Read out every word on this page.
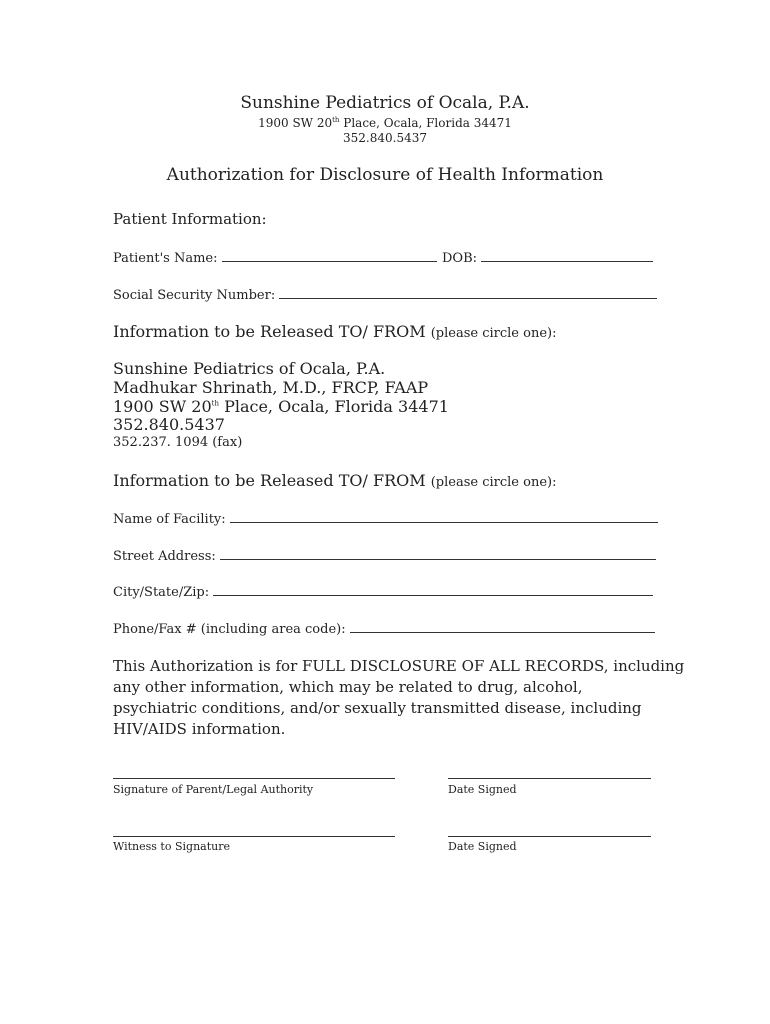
Sunshine Pediatrics of Ocala, P.A.
1900 SW 20th Place, Ocala, Florida 34471
352.840.5437
Authorization for Disclosure of Health Information
Patient Information:
Patient's Name:	DOB:
Social Security Number:
Information to be Released TO/ FROM (please circle one):
Sunshine Pediatrics of Ocala, P.A.
Madhukar Shrinath, M.D., FRCP, FAAP
1900 SW 20th Place, Ocala, Florida 34471
352.840.5437
352.237. 1094 (fax)
Information to be Released TO/ FROM (please circle one):
Name of Facility:
Street Address:
City/State/Zip:
Phone/Fax # (including area code):
This Authorization is for FULL DISCLOSURE OF ALL RECORDS, including
any other information, which may be related to drug, alcohol,
psychiatric conditions, and/or sexually transmitted disease, including
HIV/AIDS information.
Signature of Parent/Legal Authority	Date Signed
Witness to Signature	Date Signed
